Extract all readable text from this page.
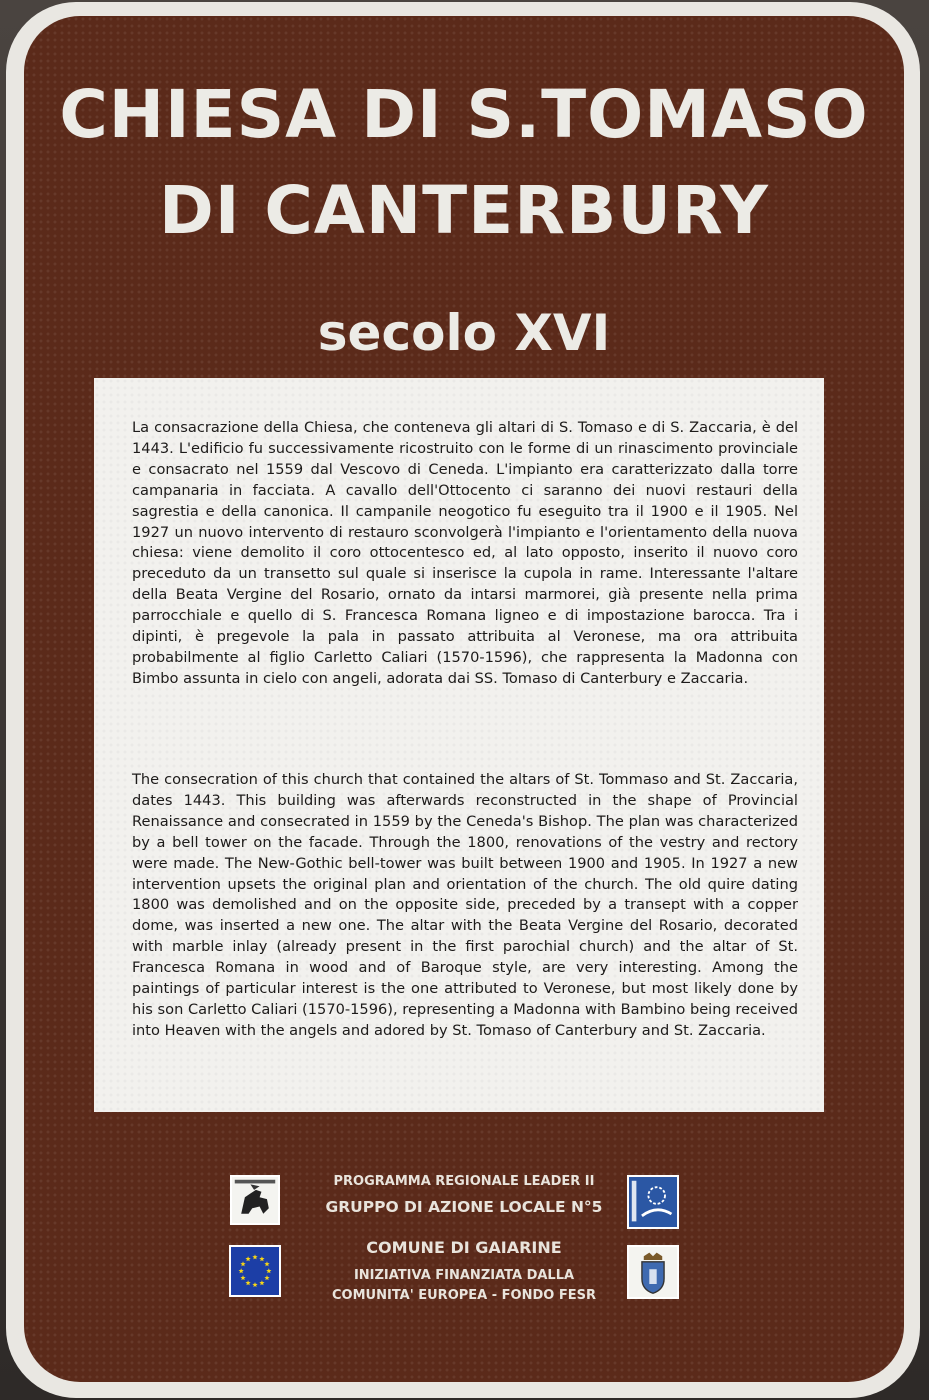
CHIESA DI S.TOMASO
DI CANTERBURY
secolo XVI

La consacrazione della Chiesa, che conteneva gli altari di S. Tomaso e di S. Zaccaria, è del 1443. L'edificio fu successivamente ricostruito con le forme di un rinascimento provinciale e consacrato nel 1559 dal Vescovo di Ceneda. L'impianto era caratterizzato dalla torre campanaria in facciata. A cavallo dell'Ottocento ci saranno dei nuovi restauri della sagrestia e della canonica. Il campanile neogotico fu eseguito tra il 1900 e il 1905. Nel 1927 un nuovo intervento di restauro sconvolgerà l'impianto e l'orientamento della nuova chiesa: viene demolito il coro ottocentesco ed, al lato opposto, inserito il nuovo coro preceduto da un transetto sul quale si inserisce la cupola in rame. Interessante l'altare della Beata Vergine del Rosario, ornato da intarsi marmorei, già presente nella prima parrocchiale e quello di S. Francesca Romana ligneo e di impostazione barocca. Tra i dipinti, è pregevole la pala in passato attribuita al Veronese, ma ora attribuita probabilmente al figlio Carletto Caliari (1570-1596), che rappresenta la Madonna con Bimbo assunta in cielo con angeli, adorata dai SS. Tomaso di Canterbury e Zaccaria.

The consecration of this church that contained the altars of St. Tommaso and St. Zaccaria, dates 1443. This building was afterwards reconstructed in the shape of Provincial Renaissance and consecrated in 1559 by the Ceneda's Bishop. The plan was characterized by a bell tower on the facade. Through the 1800, renovations of the vestry and rectory were made. The New-Gothic bell-tower was built between 1900 and 1905. In 1927 a new intervention upsets the original plan and orientation of the church. The old quire dating 1800 was demolished and on the opposite side, preceded by a transept with a copper dome, was inserted a new one. The altar with the Beata Vergine del Rosario, decorated with marble inlay (already present in the first parochial church) and the altar of St. Francesca Romana in wood and of Baroque style, are very interesting. Among the paintings of particular interest is the one attributed to Veronese, but most likely done by his son Carletto Caliari (1570-1596), representing a Madonna with Bambino being received into Heaven with the angels and adored by St. Tomaso of Canterbury and St. Zaccaria.

PROGRAMMA REGIONALE LEADER II

GRUPPO DI AZIONE LOCALE N°5

COMUNE DI GAIARINE

INIZIATIVA FINANZIATA DALLA

COMUNITA' EUROPEA - FONDO FESR
